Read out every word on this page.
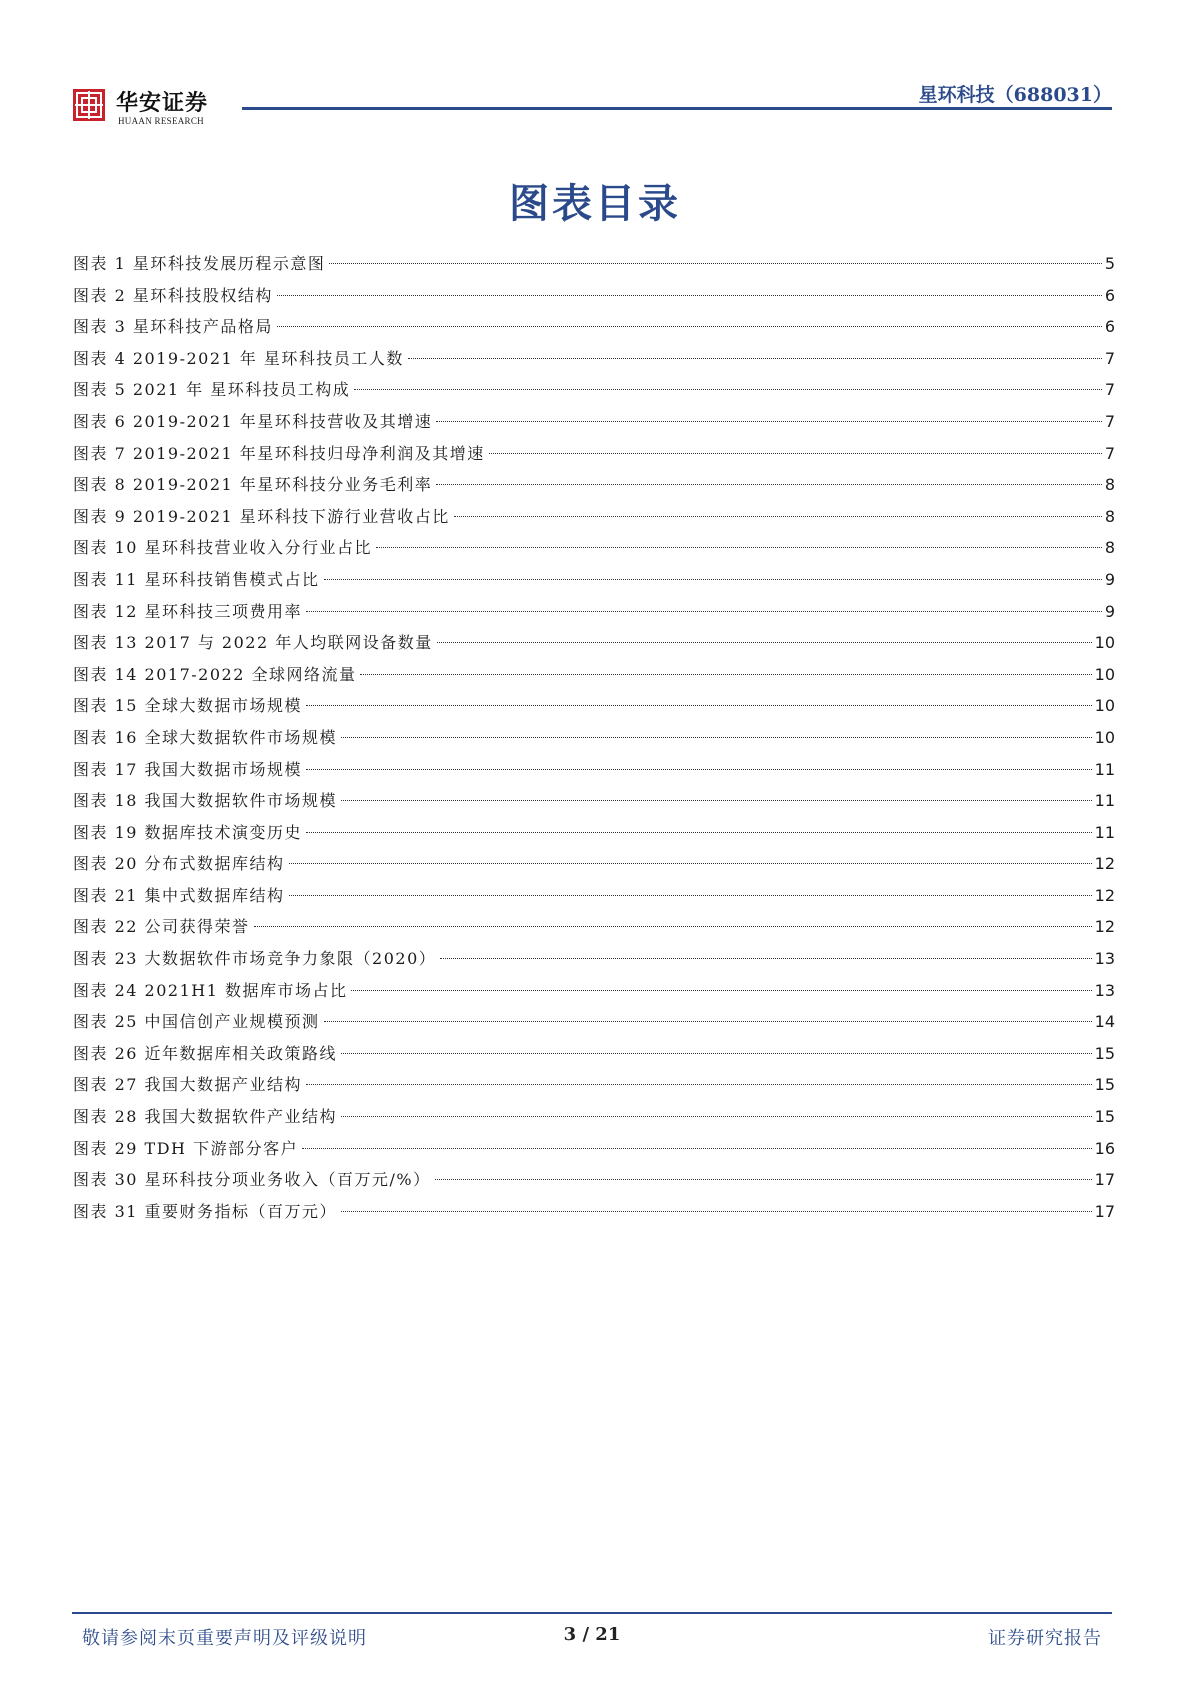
华安证券
HUAAN RESEARCH
星环科技（688031）
图表目录
图表 1 星环科技发展历程示意图	5
图表 2 星环科技股权结构	6
图表 3 星环科技产品格局	6
图表 4 2019-2021 年 星环科技员工人数	7
图表 5 2021 年 星环科技员工构成	7
图表 6 2019-2021 年星环科技营收及其增速	7
图表 7 2019-2021 年星环科技归母净利润及其增速	7
图表 8 2019-2021 年星环科技分业务毛利率	8
图表 9 2019-2021 星环科技下游行业营收占比	8
图表 10 星环科技营业收入分行业占比	8
图表 11 星环科技销售模式占比	9
图表 12 星环科技三项费用率	9
图表 13 2017 与 2022 年人均联网设备数量	10
图表 14 2017-2022 全球网络流量	10
图表 15 全球大数据市场规模	10
图表 16 全球大数据软件市场规模	10
图表 17 我国大数据市场规模	11
图表 18 我国大数据软件市场规模	11
图表 19 数据库技术演变历史	11
图表 20 分布式数据库结构	12
图表 21 集中式数据库结构	12
图表 22 公司获得荣誉	12
图表 23 大数据软件市场竞争力象限（2020）	13
图表 24 2021H1 数据库市场占比	13
图表 25 中国信创产业规模预测	14
图表 26 近年数据库相关政策路线	15
图表 27 我国大数据产业结构	15
图表 28 我国大数据软件产业结构	15
图表 29 TDH 下游部分客户	16
图表 30 星环科技分项业务收入（百万元/%）	17
图表 31 重要财务指标（百万元）	17
敬请参阅末页重要声明及评级说明	3 / 21	证券研究报告
